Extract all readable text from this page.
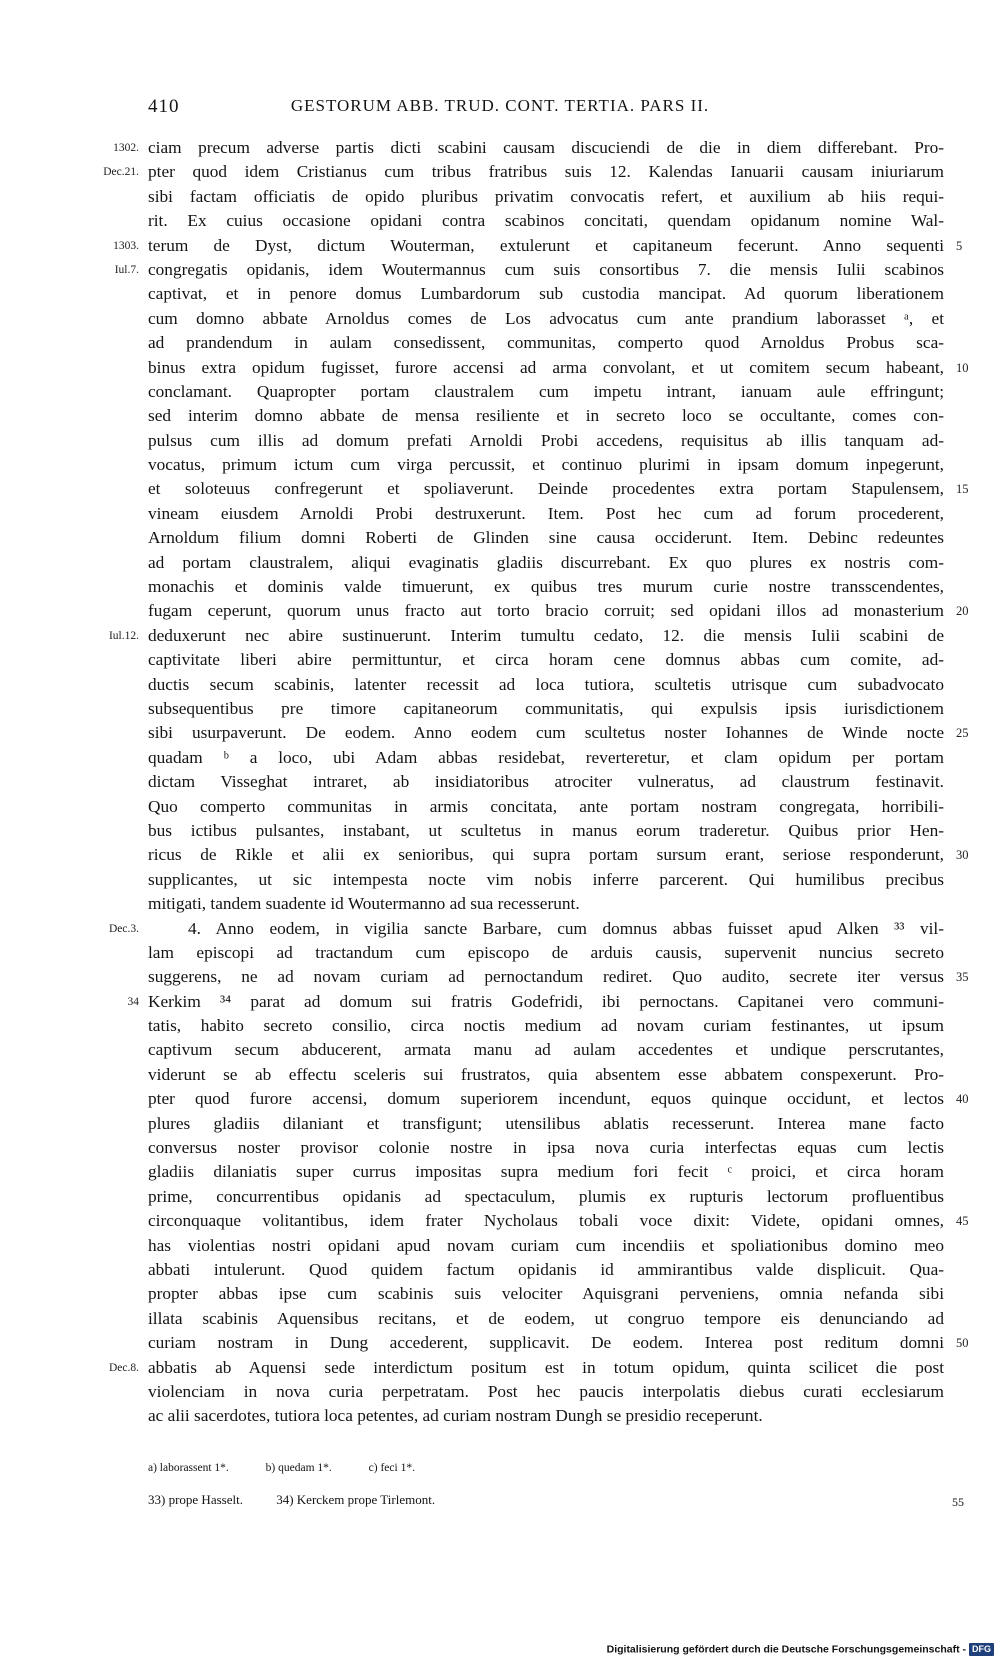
410	GESTORUM ABB. TRUD. CONT. TERTIA. PARS II.
ciam precum adverse partis dicti scabini causam discuciendi de die in diem differebant. Pro-
1302.
pter quod idem Cristianus cum tribus fratribus suis 12. Kalendas Ianuarii causam iniuriarum
Dec.21.
sibi factam officiatis de opido pluribus privatim convocatis refert, et auxilium ab hiis requi-
rit. Ex cuius occasione opidani contra scabinos concitati, quendam opidanum nomine Wal-
terum de Dyst, dictum Wouterman, extulerunt et capitaneum fecerunt. Anno sequenti
1303.	5
congregatis opidanis, idem Woutermannus cum suis consortibus 7. die mensis Iulii scabinos
Iul.7.
captivat, et in penore domus Lumbardorum sub custodia mancipat. Ad quorum liberationem
cum domno abbate Arnoldus comes de Los advocatus cum ante prandium laborasset ᵃ, et
ad prandendum in aulam consedissent, communitas, comperto quod Arnoldus Probus sca-
binus extra opidum fugisset, furore accensi ad arma convolant, et ut comitem secum habeant, 10
conclamant. Quapropter portam claustralem cum impetu intrant, ianuam aule effringunt;
sed interim domno abbate de mensa resiliente et in secreto loco se occultante, comes con-
pulsus cum illis ad domum prefati Arnoldi Probi accedens, requisitus ab illis tanquam ad-
vocatus, primum ictum cum virga percussit, et continuo plurimi in ipsam domum inpegerunt,
et soloteuus confregerunt et spoliaverunt. Deinde procedentes extra portam Stapulensem, 15
vineam eiusdem Arnoldi Probi destruxerunt. Item. Post hec cum ad forum procederent,
Arnoldum filium domni Roberti de Glinden sine causa occiderunt. Item. Debinc redeuntes
ad portam claustralem, aliqui evaginatis gladiis discurrebant. Ex quo plures ex nostris com-
monachis et dominis valde timuerunt, ex quibus tres murum curie nostre transscendentes,
fugam ceperunt, quorum unus fracto aut torto bracio corruit; sed opidani illos ad monasterium 20
deduxerunt nec abire sustinuerunt. Interim tumultu cedato, 12. die mensis Iulii scabini de
Iul.12.
captivitate liberi abire permittuntur, et circa horam cene domnus abbas cum comite, ad-
ductis secum scabinis, latenter recessit ad loca tutiora, scultetis utrisque cum subadvocato
subsequentibus pre timore capitaneorum communitatis, qui expulsis ipsis iurisdictionem
sibi usurpaverunt. De eodem. Anno eodem cum scultetus noster Iohannes de Winde nocte 25
quadam ᵇ a loco, ubi Adam abbas residebat, reverteretur, et clam opidum per portam
dictam Visseghat intraret, ab insidiatoribus atrociter vulneratus, ad claustrum festinavit.
Quo comperto communitas in armis concitata, ante portam nostram congregata, horribili-
bus ictibus pulsantes, instabant, ut scultetus in manus eorum traderetur. Quibus prior Hen-
ricus de Rikle et alii ex senioribus, qui supra portam sursum erant, seriose responderunt, 30
supplicantes, ut sic intempesta nocte vim nobis inferre parcerent. Qui humilibus precibus
mitigati, tandem suadente id Woutermanno ad sua recesserunt.
4. Anno eodem, in vigilia sancte Barbare, cum domnus abbas fuisset apud Alken ³³ vil-
Dec.3.
lam episcopi ad tractandum cum episcopo de arduis causis, supervenit nuncius secreto
suggerens, ne ad novam curiam ad pernoctandum rediret. Quo audito, secrete iter versus 35
Kerkim ³⁴ parat ad domum sui fratris Godefridi, ibi pernoctans. Capitanei vero communi-
34
tatis, habito secreto consilio, circa noctis medium ad novam curiam festinantes, ut ipsum
captivum secum abducerent, armata manu ad aulam accedentes et undique perscrutantes,
viderunt se ab effectu sceleris sui frustratos, quia absentem esse abbatem conspexerunt. Pro-
pter quod furore accensi, domum superiorem incendunt, equos quinque occidunt, et lectos 40
plures gladiis dilaniant et transfigunt; utensilibus ablatis recesserunt. Interea mane facto
conversus noster provisor colonie nostre in ipsa nova curia interfectas equas cum lectis
gladiis dilaniatis super currus impositas supra medium fori fecit ᶜ proici, et circa horam
prime, concurrentibus opidanis ad spectaculum, plumis ex rupturis lectorum profluentibus
circonquaque volitantibus, idem frater Nycholaus tobali voce dixit: Videte, opidani omnes, 45
has violentias nostri opidani apud novam curiam cum incendiis et spoliationibus domino meo
abbati intulerunt. Quod quidem factum opidanis id ammirantibus valde displicuit. Qua-
propter abbas ipse cum scabinis suis velociter Aquisgrani perveniens, omnia nefanda sibi
illata scabinis Aquensibus recitans, et de eodem, ut congruo tempore eis denunciando ad
curiam nostram in Dung accederent, supplicavit. De eodem. Interea post reditum domni 50
abbatis ab Aquensi sede interdictum positum est in totum opidum, quinta scilicet die post
Dec.8.
violenciam in nova curia perpetratam. Post hec paucis interpolatis diebus curati ecclesiarum
ac alii sacerdotes, tutiora loca petentes, ad curiam nostram Dungh se presidio receperunt.
a) laborassent 1*.	b) quedam 1*.	c) feci 1*.
33) prope Hasselt.	34) Kerckem prope Tirlemont.	55
Digitalisierung gefördert durch die Deutsche Forschungsgemeinschaft - DFG
